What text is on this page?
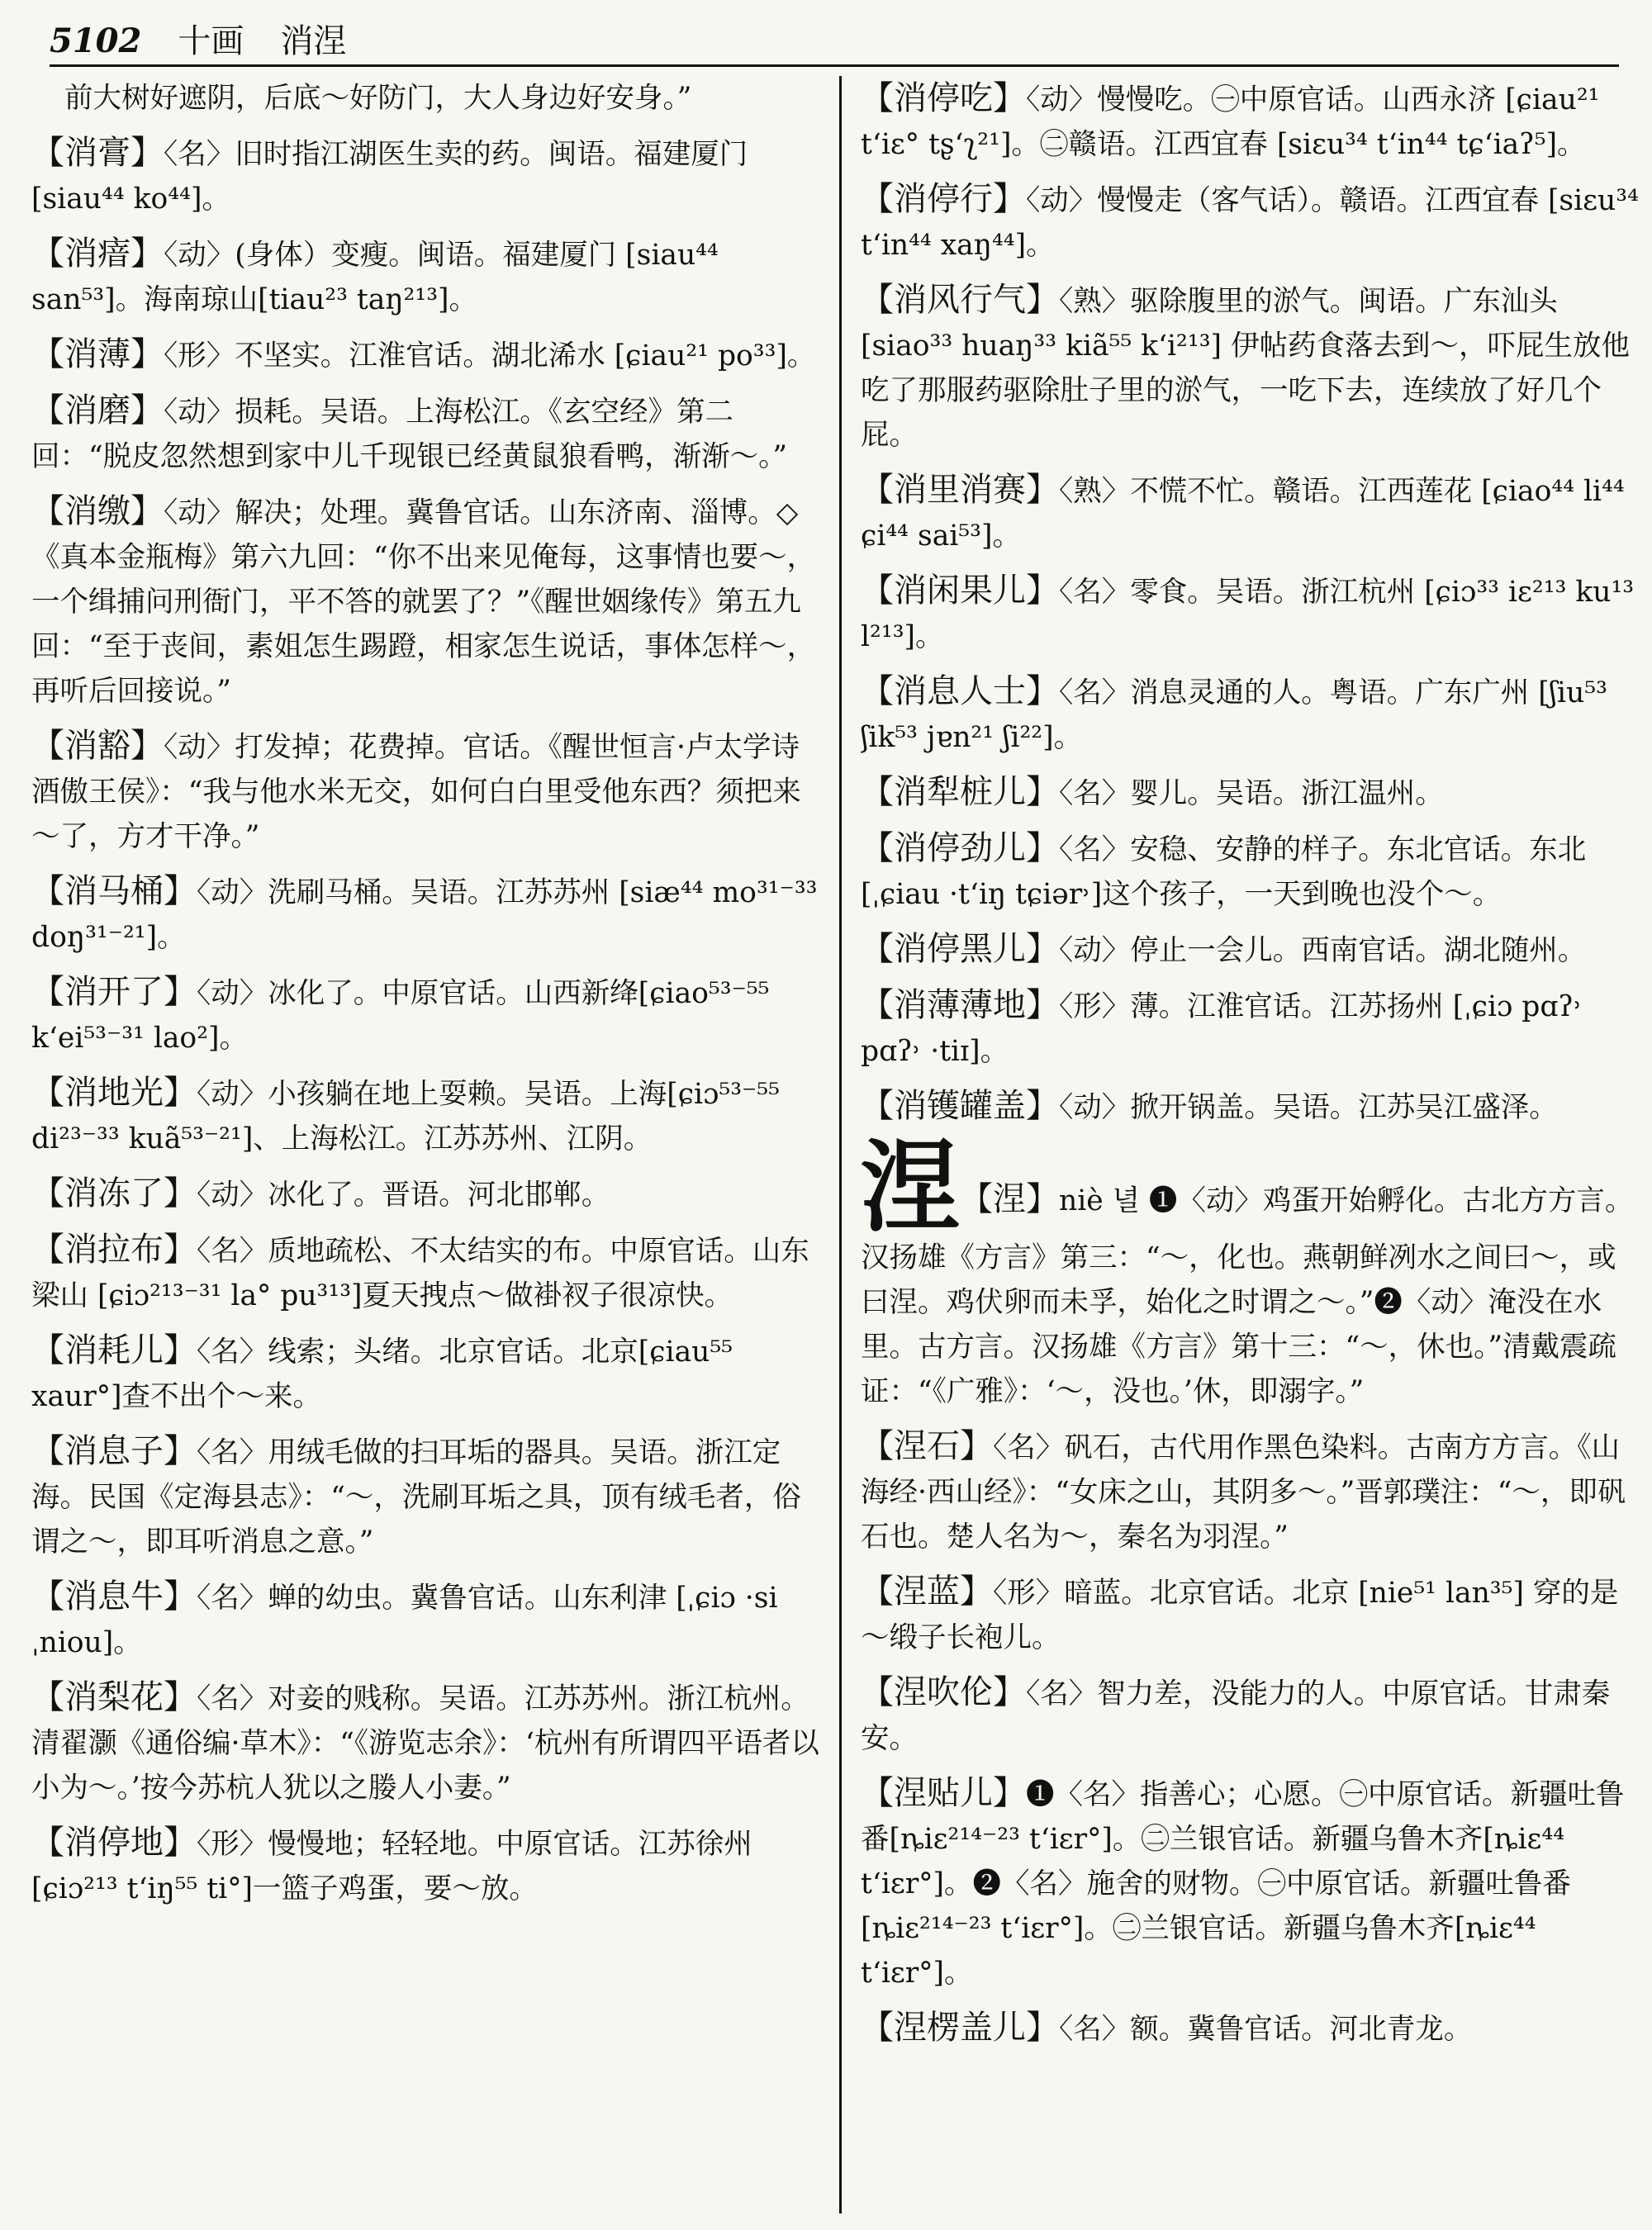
5102 十画 消涅

前大树好遮阴，后底～好防门，大人身边好安身。”

【消膏】〈名〉旧时指江湖医生卖的药。闽语。福建厦门 [siau⁴⁴ ko⁴⁴]。

【消瘖】〈动〉(身体）变瘦。闽语。福建厦门 [siau⁴⁴ san⁵³]。海南琼山[tiau²³ taŋ²¹³]。

【消薄】〈形〉不坚实。江淮官话。湖北浠水 [ɕiau²¹ po³³]。

【消磨】〈动〉损耗。吴语。上海松江。《玄空经》第二回：“脱皮忽然想到家中儿千现银已经黄鼠狼看鸭，渐渐～。”

【消缴】〈动〉解决；处理。冀鲁官话。山东济南、淄博。◇《真本金瓶梅》第六九回：“你不出来见俺每，这事情也要～，一个缉捕问刑衙门，平不答的就罢了？”《醒世姻缘传》第五九回：“至于丧间，素姐怎生踢蹬，相家怎生说话，事体怎样～，再听后回接说。”

【消豁】〈动〉打发掉；花费掉。官话。《醒世恒言·卢太学诗酒傲王侯》：“我与他水米无交，如何白白里受他东西？须把来～了，方才干净。”

【消马桶】〈动〉洗刷马桶。吴语。江苏苏州 [siæ⁴⁴ mo³¹⁻³³ doŋ³¹⁻²¹]。

【消开了】〈动〉冰化了。中原官话。山西新绛[ɕiao⁵³⁻⁵⁵ k‘ei⁵³⁻³¹ lao²]。

【消地光】〈动〉小孩躺在地上耍赖。吴语。上海[ɕiɔ⁵³⁻⁵⁵ di²³⁻³³ kuã⁵³⁻²¹]、上海松江。江苏苏州、江阴。

【消冻了】〈动〉冰化了。晋语。河北邯郸。

【消拉布】〈名〉质地疏松、不太结实的布。中原官话。山东梁山 [ɕiɔ²¹³⁻³¹ la° pu³¹³]夏天拽点～做褂衩子很凉快。

【消耗儿】〈名〉线索；头绪。北京官话。北京[ɕiau⁵⁵ xaur°]查不出个～来。

【消息子】〈名〉用绒毛做的扫耳垢的器具。吴语。浙江定海。民国《定海县志》：“～，洗刷耳垢之具，顶有绒毛者，俗谓之～，即耳听消息之意。”

【消息牛】〈名〉蝉的幼虫。冀鲁官话。山东利津 [ˌɕiɔ ·si ˌniou]。

【消梨花】〈名〉对妾的贱称。吴语。江苏苏州。浙江杭州。清翟灏《通俗编·草木》：“《游览志余》：‘杭州有所谓四平语者以小为～。’按今苏杭人犹以之媵人小妻。”

【消停地】〈形〉慢慢地；轻轻地。中原官话。江苏徐州[ɕiɔ²¹³ t‘iŋ⁵⁵ ti°]一篮子鸡蛋，要～放。

【消停吃】〈动〉慢慢吃。㊀中原官话。山西永济 [ɕiau²¹ t‘iɛ° tʂ‘ʅ²¹]。㊁赣语。江西宜春 [siɛu³⁴ t‘in⁴⁴ tɕ‘iaʔ⁵]。

【消停行】〈动〉慢慢走（客气话）。赣语。江西宜春 [siɛu³⁴ t‘in⁴⁴ xaŋ⁴⁴]。

【消风行气】〈熟〉驱除腹里的淤气。闽语。广东汕头 [siao³³ huaŋ³³ kiã⁵⁵ k‘i²¹³] 伊帖药食落去到～，吓屁生放他吃了那服药驱除肚子里的淤气，一吃下去，连续放了好几个屁。

【消里消赛】〈熟〉不慌不忙。赣语。江西莲花 [ɕiao⁴⁴ li⁴⁴ ɕi⁴⁴ sai⁵³]。

【消闲果儿】〈名〉零食。吴语。浙江杭州 [ɕiɔ³³ iɛ²¹³ ku¹³ l²¹³]。

【消息人士】〈名〉消息灵通的人。粤语。广东广州 [ʃiu⁵³ ʃik⁵³ jɐn²¹ ʃi²²]。

【消犁桩儿】〈名〉婴儿。吴语。浙江温州。

【消停劲儿】〈名〉安稳、安静的样子。东北官话。东北[ˌɕiau ·t‘iŋ tɕiər˒]这个孩子，一天到晚也没个～。

【消停黑儿】〈动〉停止一会儿。西南官话。湖北随州。

【消薄薄地】〈形〉薄。江淮官话。江苏扬州 [ˌɕiɔ pɑʔ˒ pɑʔ˒ ·tiɪ]。

【消镬罐盖】〈动〉掀开锅盖。吴语。江苏吴江盛泽。

涅【涅】niè 녈 ❶〈动〉鸡蛋开始孵化。古北方方言。汉扬雄《方言》第三：“～，化也。燕朝鲜冽水之间曰～，或曰涅。鸡伏卵而未孚，始化之时谓之～。”❷〈动〉淹没在水里。古方言。汉扬雄《方言》第十三：“～，休也。”清戴震疏证：“《广雅》：‘～，没也。’休，即溺字。”

【涅石】〈名〉矾石，古代用作黑色染料。古南方方言。《山海经·西山经》：“女床之山，其阴多～。”晋郭璞注：“～，即矾石也。楚人名为～，秦名为羽涅。”

【涅蓝】〈形〉暗蓝。北京官话。北京 [nie⁵¹ lan³⁵] 穿的是～缎子长袍儿。

【涅吹伦】〈名〉智力差，没能力的人。中原官话。甘肃秦安。

【涅贴儿】❶〈名〉指善心；心愿。㊀中原官话。新疆吐鲁番[ȵiɛ²¹⁴⁻²³ t‘iɛr°]。㊁兰银官话。新疆乌鲁木齐[ȵiɛ⁴⁴ t‘iɛr°]。❷〈名〉施舍的财物。㊀中原官话。新疆吐鲁番[ȵiɛ²¹⁴⁻²³ t‘iɛr°]。㊁兰银官话。新疆乌鲁木齐[ȵiɛ⁴⁴ t‘iɛr°]。

【涅楞盖儿】〈名〉额。冀鲁官话。河北青龙。
